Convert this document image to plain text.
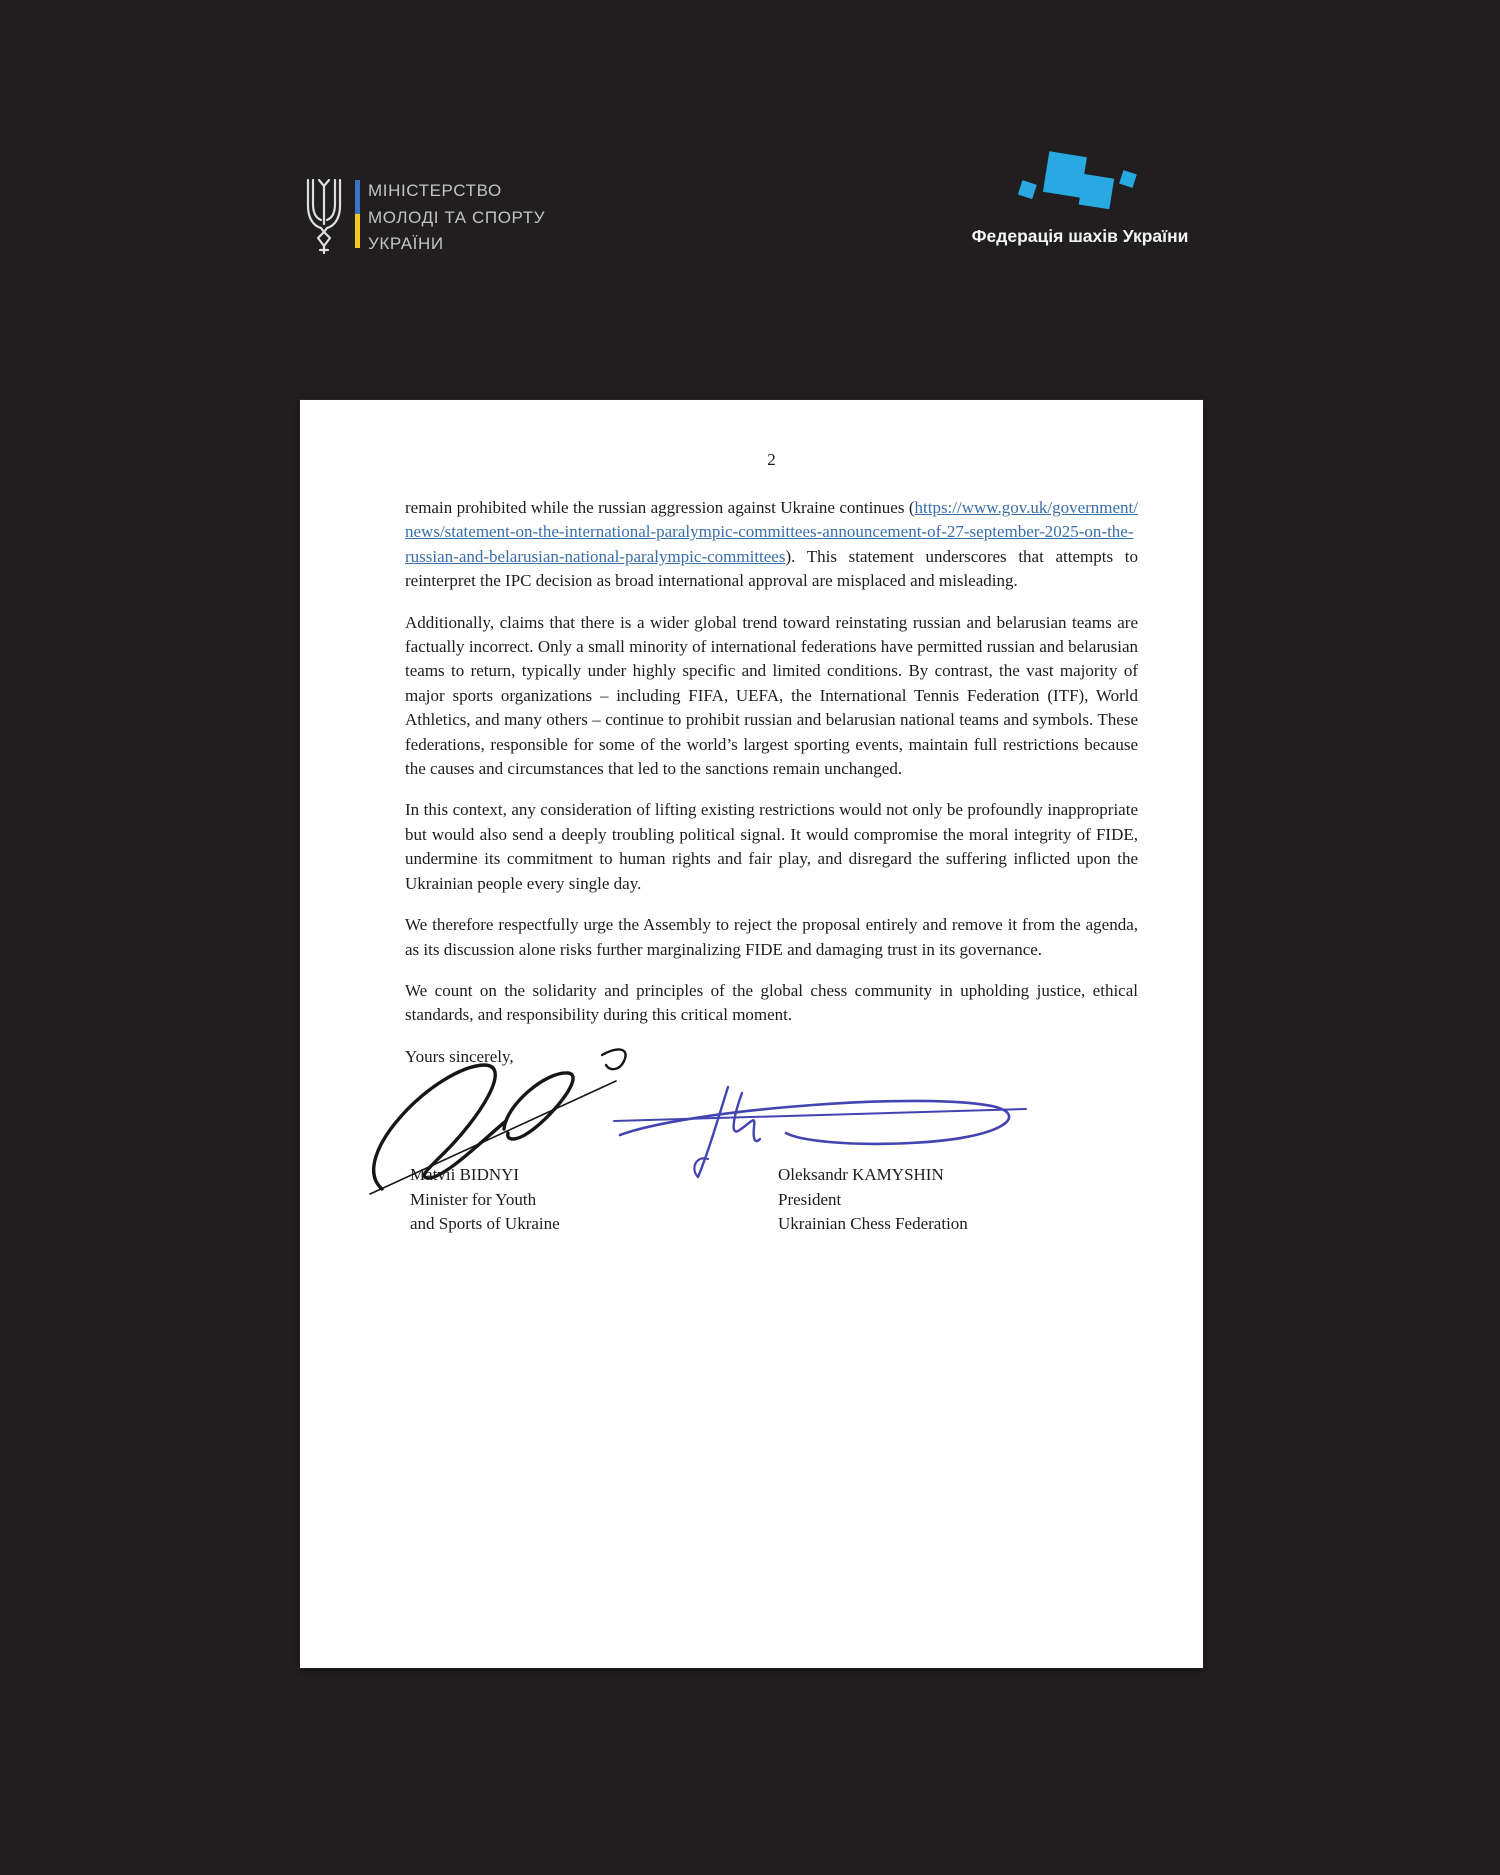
МІНІСТЕРСТВО
МОЛОДІ ТА СПОРТУ
УКРАЇНИ	Федерація шахів України
2

remain prohibited while the russian aggression against Ukraine continues (https://www.gov.uk/government/news/statement-on-the-international-paralympic-committees-announcement-of-27-september-2025-on-the-russian-and-belarusian-national-paralympic-committees). This statement underscores that attempts to reinterpret the IPC decision as broad international approval are misplaced and misleading.

Additionally, claims that there is a wider global trend toward reinstating russian and belarusian teams are factually incorrect. Only a small minority of international federations have permitted russian and belarusian teams to return, typically under highly specific and limited conditions. By contrast, the vast majority of major sports organizations – including FIFA, UEFA, the International Tennis Federation (ITF), World Athletics, and many others – continue to prohibit russian and belarusian national teams and symbols. These federations, responsible for some of the world’s largest sporting events, maintain full restrictions because the causes and circumstances that led to the sanctions remain unchanged.

In this context, any consideration of lifting existing restrictions would not only be profoundly inappropriate but would also send a deeply troubling political signal. It would compromise the moral integrity of FIDE, undermine its commitment to human rights and fair play, and disregard the suffering inflicted upon the Ukrainian people every single day.

We therefore respectfully urge the Assembly to reject the proposal entirely and remove it from the agenda, as its discussion alone risks further marginalizing FIDE and damaging trust in its governance.

We count on the solidarity and principles of the global chess community in upholding justice, ethical standards, and responsibility during this critical moment.

Yours sincerely,

Matvii BIDNYI
Minister for Youth
and Sports of Ukraine
Oleksandr KAMYSHIN
President
Ukrainian Chess Federation
